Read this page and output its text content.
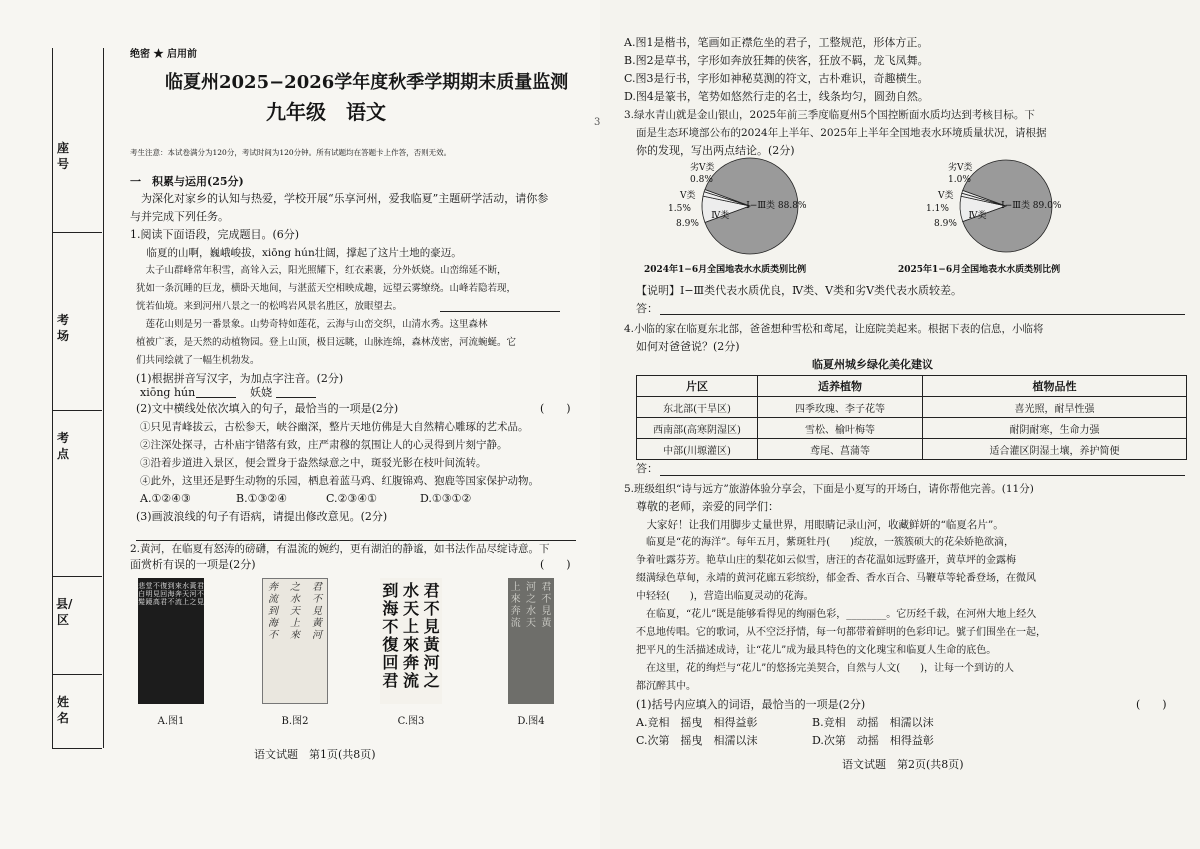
座号
考场
考点
县/区
姓名
绝密 ★ 启用前
临夏州2025−2026学年度秋季学期期末质量监测
九年级　语文
考生注意：本试卷满分为120分，考试时间为120分钟。所有试题均在答题卡上作答，否则无效。
一　积累与运用(25分)
　为深化对家乡的认知与热爱，学校开展“乐享河州，爱我临夏”主题研学活动，请你参
与并完成下列任务。
1.阅读下面语段，完成题目。(6分)
　临夏的山啊，巍峨峻拔，xiōng hún壮阔，撑起了这片土地的豪迈。
　太子山群峰常年积雪，高耸入云，阳光照耀下，红衣素裹，分外妖娆。山峦绵延不断，
犹如一条沉睡的巨龙，横卧天地间，与湛蓝天空相映成趣，远望云雾缭绕。山峰若隐若现，
恍若仙境。来到河州八景之一的松鸣岩风景名胜区，放眼望去。
　莲花山则是另一番景象。山势奇特如莲花，云海与山峦交织，山清水秀。这里森林
植被广袤，是天然的动植物园。登上山顶，极目远眺，山脉连绵，森林茂密，河流蜿蜒。它
们共同绘就了一幅生机勃发。
(1)根据拼音写汉字，为加点字注音。(2分)
xiōng hún	妖娆
(2)文中横线处依次填入的句子，最恰当的一项是(2分)	(　　)
①只见青峰拔云，古松参天，峡谷幽深，整片天地仿佛是大自然精心雕琢的艺术品。
②注深处探寻，古朴庙宇错落有致，庄严肃穆的氛围让人的心灵得到片刻宁静。
③沿着步道进入景区，便会置身于盎然绿意之中，斑驳光影在枝叶间流转。
④此外，这里还是野生动物的乐园，栖息着蓝马鸡、红腹锦鸡、狍鹿等国家保护动物。
A.①②④③	B.①③②④	C.②③④①	D.①③①②
(3)画波浪线的句子有语病，请提出修改意见。(2分)
2.黄河，在临夏有怒涛的磅礴，有温流的婉约，更有湖泊的静谧，如书法作品尽绽诗意。下
面赏析有误的一项是(2分)	(　　)
君不見
黃河之
水天上
來奔流
到海不
復回君
不見高
堂明鏡
悲白髮
A.图1
君不見黃河
之水天上來
奔流到海不
B.图2
君不見黃河之
水天上來奔流
到海不復回君
C.图3
君不見黃
河之水天
上來奔流
D.图4
语文试题　第1页(共8页)
3
A.图1是楷书，笔画如正襟危坐的君子，工整规范，形体方正。
B.图2是草书，字形如奔放狂舞的侠客，狂放不羁，龙飞凤舞。
C.图3是行书，字形如神秘莫测的符文，古朴难识，奇趣横生。
D.图4是篆书，笔势如悠然行走的名士，线条均匀，圆劲自然。
3.绿水青山就是金山银山，2025年前三季度临夏州5个国控断面水质均达到考核目标。下
面是生态环境部公布的2024年上半年、2025年上半年全国地表水环境质量状况，请根据
你的发现，写出两点结论。(2分)
Ⅰ−Ⅲ类 88.8%
Ⅳ类
8.9%
Ⅴ类
1.5%
劣Ⅴ类
0.8%
2024年1−6月全国地表水水质类别比例
Ⅰ−Ⅲ类 89.0%
Ⅳ类
8.9%
Ⅴ类
1.1%
劣Ⅴ类
1.0%
2025年1−6月全国地表水水质类别比例
【说明】Ⅰ−Ⅲ类代表水质优良，Ⅳ类、Ⅴ类和劣Ⅴ类代表水质较差。
答：
4.小临的家在临夏东北部，爸爸想种雪松和鸢尾，让庭院美起来。根据下表的信息，小临将
如何对爸爸说？(2分)
临夏州城乡绿化美化建议
片区	适养植物	植物品性
东北部(干旱区)	四季玫瑰、李子花等	喜光照，耐旱性强
西南部(高寒阴湿区)	雪松、榆叶梅等	耐阴耐寒，生命力强
中部(川塬灌区)	鸢尾、菖蒲等	适合灌区阴湿土壤，养护简便
答：
5.班级组织“诗与远方”旅游体验分享会，下面是小夏写的开场白，请你帮他完善。(11分)
尊敬的老师，亲爱的同学们：
　大家好！让我们用脚步丈量世界，用眼睛记录山河，收藏鲜妍的“临夏名片”。
　临夏是“花的海洋”。每年五月，紫斑牡丹(　　)绽放，一簇簇硕大的花朵娇艳欲滴，
争着吐露芬芳。艳草山庄的梨花如云似雪，唐汪的杏花温如远野盛开，黄草坪的金露梅
缀满绿色草甸，永靖的黄河花廊五彩缤纷，郁金香、香水百合、马鞭草等轮番登场，在微风
中轻轻(　　)，营造出临夏灵动的花海。
　在临夏，“花儿”既是能够看得见的绚丽色彩，________。它历经千载，在河州大地上经久
不息地传唱。它的歌词，从不空泛抒情，每一句都带着鲜明的色彩印记。號子们围坐在一起，
把平凡的生活描述成诗，让“花儿”成为最具特色的文化瑰宝和临夏人生命的底色。
　在这里，花的绚烂与“花儿”的悠扬完美契合，自然与人文(　　)，让每一个到访的人
都沉醉其中。
(1)括号内应填入的词语，最恰当的一项是(2分)	(　　)
A.竞相　摇曳　相得益彰	B.竞相　动摇　相濡以沫
C.次第　摇曳　相濡以沫	D.次第　动摇　相得益彰
语文试题　第2页(共8页)
